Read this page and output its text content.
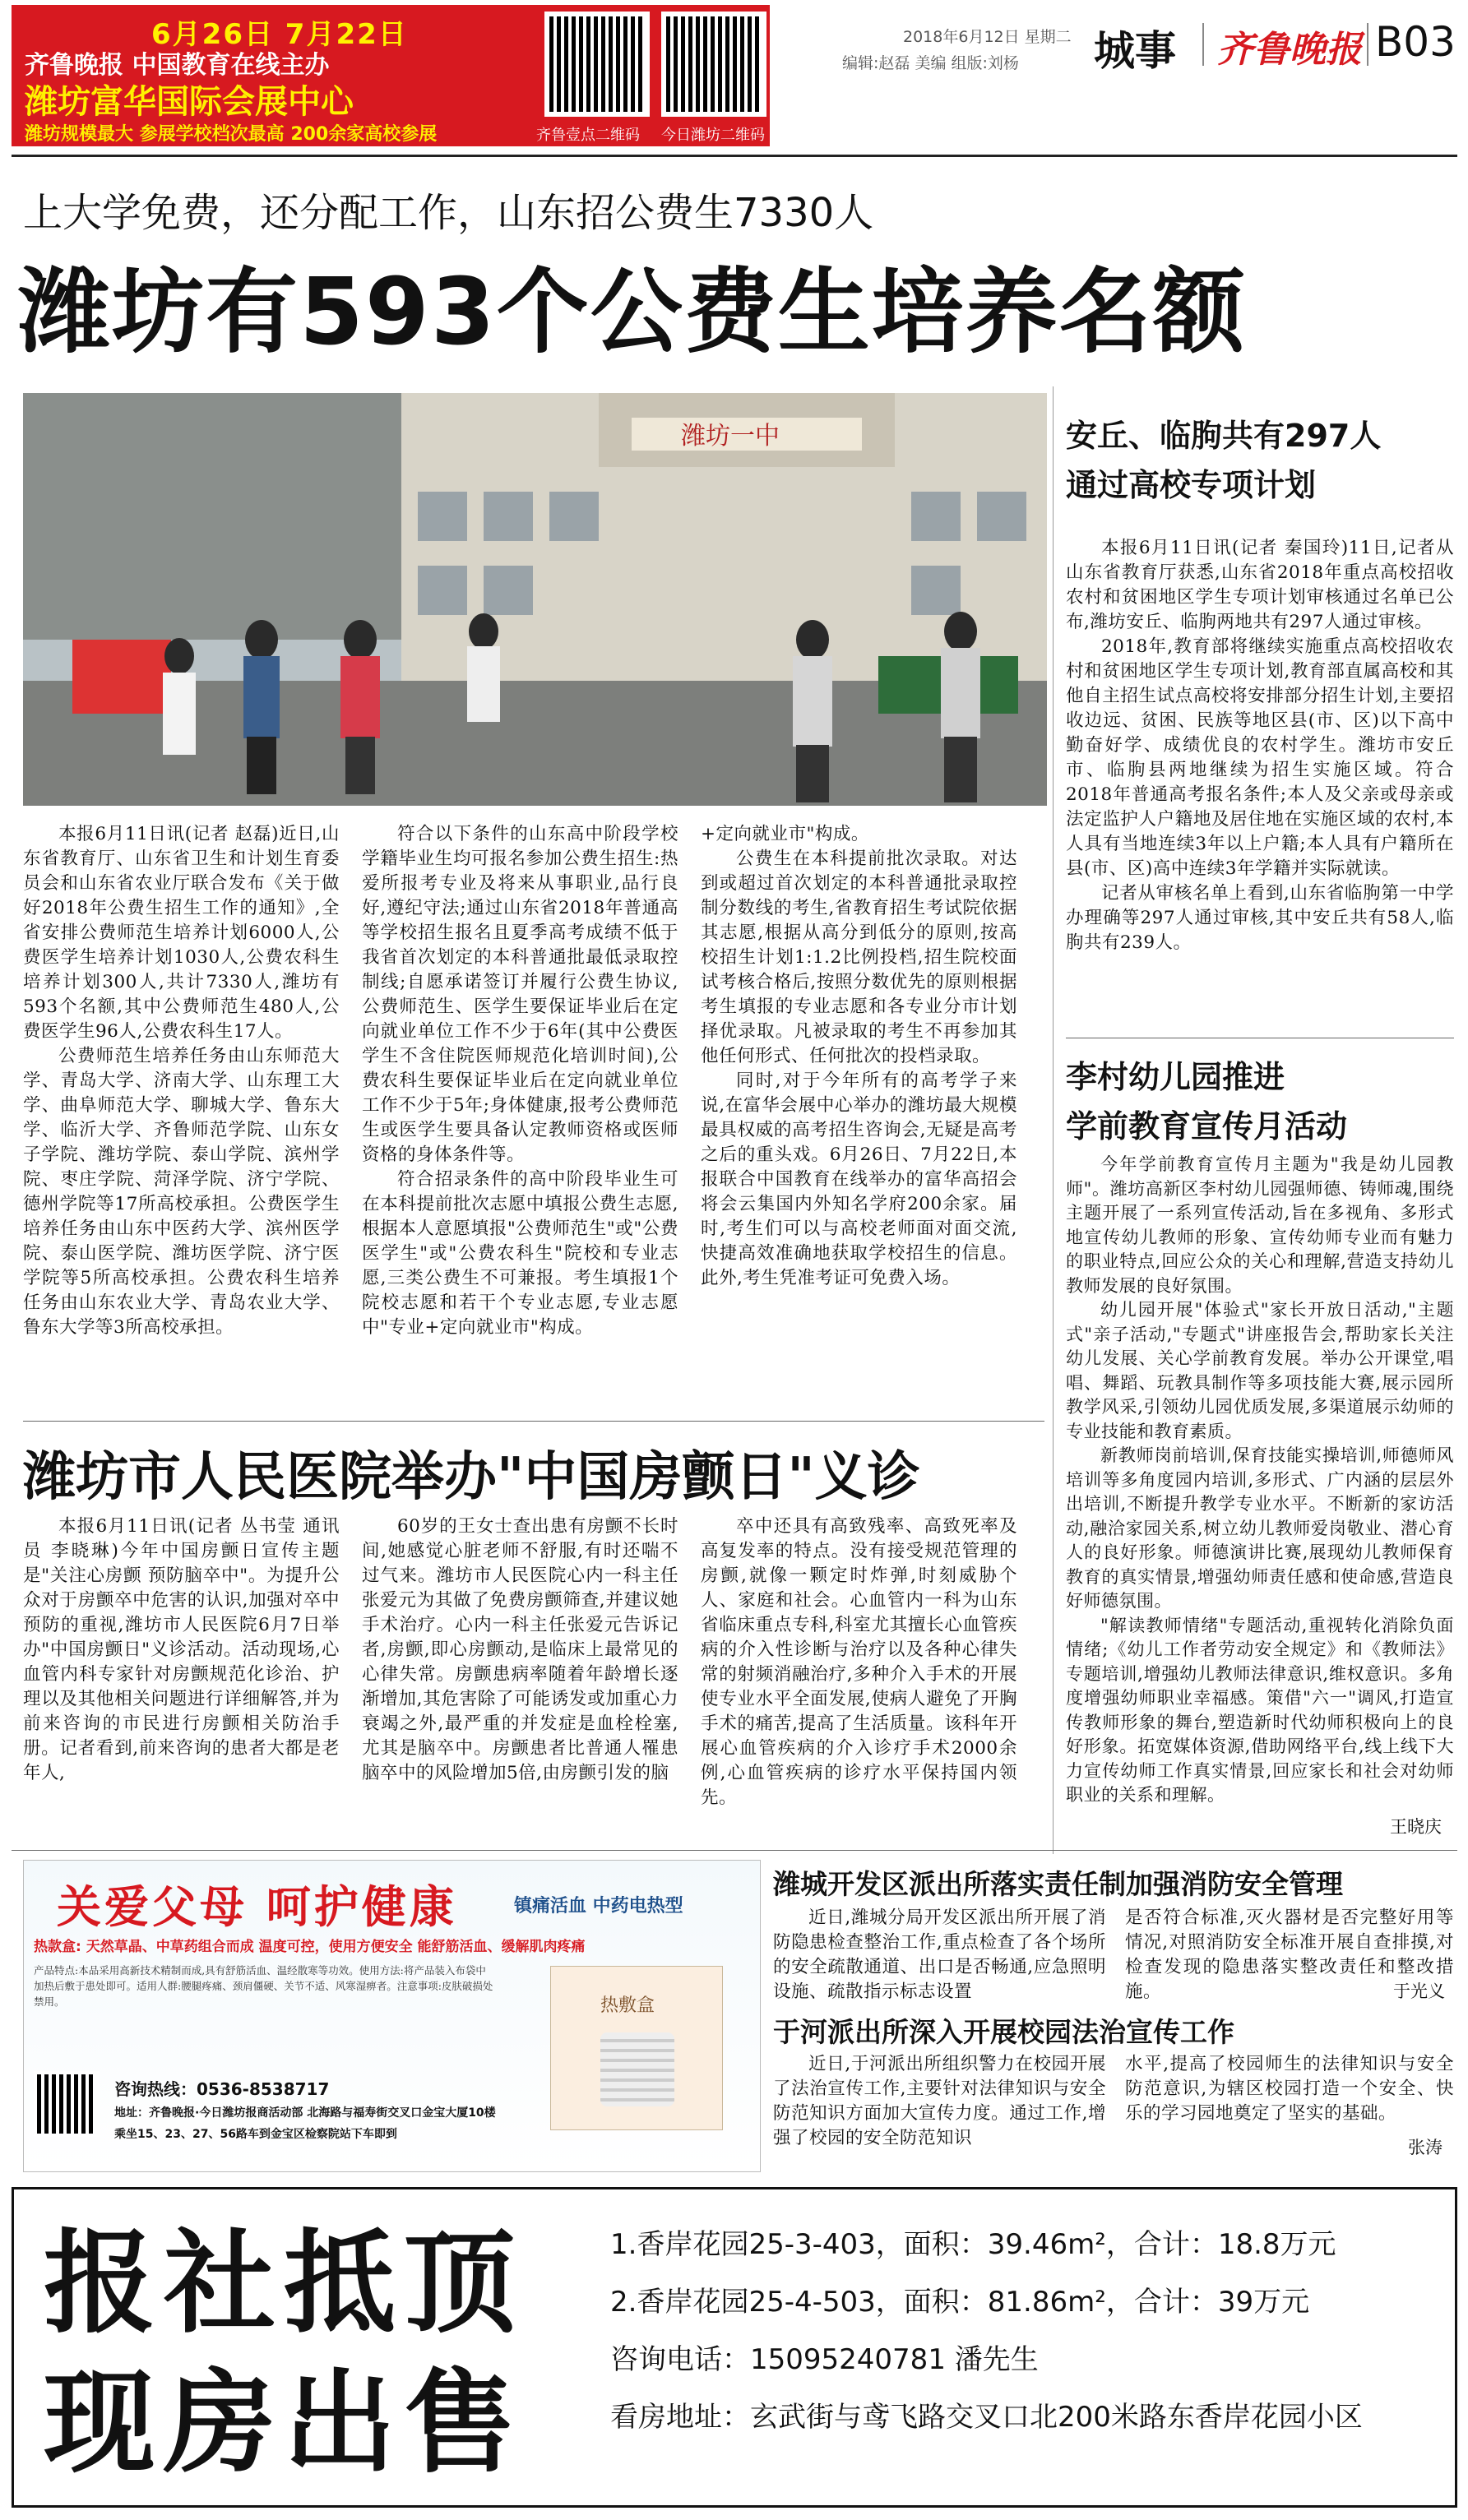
6月26日 7月22日
齐鲁晚报 中国教育在线主办
潍坊富华国际会展中心
潍坊规模最大 参展学校档次最高 200余家高校参展	齐鲁壹点二维码 今日潍坊二维码
2018年6月12日 星期二
编辑:赵磊 美编 组版:刘杨 城事 齐鲁晚报 B03
上大学免费，还分配工作，山东招公费生7330人
潍坊有593个公费生培养名额
潍坊一中

本报6月11日讯(记者 赵磊)近日,山东省教育厅、山东省卫生和计划生育委员会和山东省农业厅联合发布《关于做好2018年公费生招生工作的通知》,全省安排公费师范生培养计划6000人,公费医学生培养计划1030人,公费农科生培养计划300人,共计7330人,潍坊有593个名额,其中公费师范生480人,公费医学生96人,公费农科生17人。

公费师范生培养任务由山东师范大学、青岛大学、济南大学、山东理工大学、曲阜师范大学、聊城大学、鲁东大学、临沂大学、齐鲁师范学院、山东女子学院、潍坊学院、泰山学院、滨州学院、枣庄学院、菏泽学院、济宁学院、德州学院等17所高校承担。公费医学生培养任务由山东中医药大学、滨州医学院、泰山医学院、潍坊医学院、济宁医学院等5所高校承担。公费农科生培养任务由山东农业大学、青岛农业大学、鲁东大学等3所高校承担。

符合以下条件的山东高中阶段学校学籍毕业生均可报名参加公费生招生:热爱所报考专业及将来从事职业,品行良好,遵纪守法;通过山东省2018年普通高等学校招生报名且夏季高考成绩不低于我省首次划定的本科普通批最低录取控制线;自愿承诺签订并履行公费生协议,公费师范生、医学生要保证毕业后在定向就业单位工作不少于6年(其中公费医学生不含住院医师规范化培训时间),公费农科生要保证毕业后在定向就业单位工作不少于5年;身体健康,报考公费师范生或医学生要具备认定教师资格或医师资格的身体条件等。

符合招录条件的高中阶段毕业生可在本科提前批次志愿中填报公费生志愿,根据本人意愿填报"公费师范生"或"公费医学生"或"公费农科生"院校和专业志愿,三类公费生不可兼报。考生填报1个院校志愿和若干个专业志愿,专业志愿中"专业+定向就业市"构成。

+定向就业市"构成。

公费生在本科提前批次录取。对达到或超过首次划定的本科普通批录取控制分数线的考生,省教育招生考试院依据其志愿,根据从高分到低分的原则,按高校招生计划1:1.2比例投档,招生院校面试考核合格后,按照分数优先的原则根据考生填报的专业志愿和各专业分市计划择优录取。凡被录取的考生不再参加其他任何形式、任何批次的投档录取。

同时,对于今年所有的高考学子来说,在富华会展中心举办的潍坊最大规模最具权威的高考招生咨询会,无疑是高考之后的重头戏。6月26日、7月22日,本报联合中国教育在线举办的富华高招会将会云集国内外知名学府200余家。届时,考生们可以与高校老师面对面交流,快捷高效准确地获取学校招生的信息。此外,考生凭准考证可免费入场。

潍坊市人民医院举办"中国房颤日"义诊

本报6月11日讯(记者 丛书莹 通讯员 李晓琳)今年中国房颤日宣传主题是"关注心房颤 预防脑卒中"。为提升公众对于房颤卒中危害的认识,加强对卒中预防的重视,潍坊市人民医院6月7日举办"中国房颤日"义诊活动。活动现场,心血管内科专家针对房颤规范化诊治、护理以及其他相关问题进行详细解答,并为前来咨询的市民进行房颤相关防治手册。记者看到,前来咨询的患者大都是老年人,

60岁的王女士查出患有房颤不长时间,她感觉心脏老师不舒服,有时还喘不过气来。潍坊市人民医院心内一科主任张爱元为其做了免费房颤筛查,并建议她手术治疗。心内一科主任张爱元告诉记者,房颤,即心房颤动,是临床上最常见的心律失常。房颤患病率随着年龄增长逐渐增加,其危害除了可能诱发或加重心力衰竭之外,最严重的并发症是血栓栓塞,尤其是脑卒中。房颤患者比普通人罹患脑卒中的风险增加5倍,由房颤引发的脑

卒中还具有高致残率、高致死率及高复发率的特点。没有接受规范管理的房颤,就像一颗定时炸弹,时刻威胁个人、家庭和社会。心血管内一科为山东省临床重点专科,科室尤其擅长心血管疾病的介入性诊断与治疗以及各种心律失常的射频消融治疗,多种介入手术的开展使专业水平全面发展,使病人避免了开胸手术的痛苦,提高了生活质量。该科年开展心血管疾病的介入诊疗手术2000余例,心血管疾病的诊疗水平保持国内领先。

安丘、临朐共有297人
通过高校专项计划

本报6月11日讯(记者 秦国玲)11日,记者从山东省教育厅获悉,山东省2018年重点高校招收农村和贫困地区学生专项计划审核通过名单已公布,潍坊安丘、临朐两地共有297人通过审核。

2018年,教育部将继续实施重点高校招收农村和贫困地区学生专项计划,教育部直属高校和其他自主招生试点高校将安排部分招生计划,主要招收边远、贫困、民族等地区县(市、区)以下高中勤奋好学、成绩优良的农村学生。潍坊市安丘市、临朐县两地继续为招生实施区域。符合2018年普通高考报名条件;本人及父亲或母亲或法定监护人户籍地及居住地在实施区域的农村,本人具有当地连续3年以上户籍;本人具有户籍所在县(市、区)高中连续3年学籍并实际就读。

记者从审核名单上看到,山东省临朐第一中学办理确等297人通过审核,其中安丘共有58人,临朐共有239人。

李村幼儿园推进
学前教育宣传月活动

今年学前教育宣传月主题为"我是幼儿园教师"。潍坊高新区李村幼儿园强师德、铸师魂,围绕主题开展了一系列宣传活动,旨在多视角、多形式地宣传幼儿教师的形象、宣传幼师专业而有魅力的职业特点,回应公众的关心和理解,营造支持幼儿教师发展的良好氛围。

幼儿园开展"体验式"家长开放日活动,"主题式"亲子活动,"专题式"讲座报告会,帮助家长关注幼儿发展、关心学前教育发展。举办公开课堂,唱唱、舞蹈、玩教具制作等多项技能大赛,展示园所教学风采,引领幼儿园优质发展,多渠道展示幼师的专业技能和教育素质。

新教师岗前培训,保育技能实操培训,师德师风培训等多角度园内培训,多形式、广内涵的层层外出培训,不断提升教学专业水平。不断新的家访活动,融洽家园关系,树立幼儿教师爱岗敬业、潜心育人的良好形象。师德演讲比赛,展现幼儿教师保育教育的真实情景,增强幼师责任感和使命感,营造良好师德氛围。

"解读教师情绪"专题活动,重视转化消除负面情绪;《幼儿工作者劳动安全规定》和《教师法》专题培训,增强幼儿教师法律意识,维权意识。多角度增强幼师职业幸福感。策借"六一"调风,打造宣传教师形象的舞台,塑造新时代幼师积极向上的良好形象。拓宽媒体资源,借助网络平台,线上线下大力宣传幼师工作真实情景,回应家长和社会对幼师职业的关系和理解。

王晓庆
关爱父母 呵护健康	镇痛活血 中药电热型
热款盒: 天然草晶、中草药组合而成 温度可控，使用方便安全 能舒筋活血、缓解肌肉疼痛
产品特点:本品采用高新技术精制而成,具有舒筋活血、温经散寒等功效。使用方法:将产品装入布袋中加热后敷于患处即可。适用人群:腰腿疼痛、颈肩僵硬、关节不适、风寒湿痹者。注意事项:皮肤破损处禁用。	热敷盒
咨询热线：0536-8538717
地址：齐鲁晚报·今日潍坊报商活动部 北海路与福寿街交叉口金宝大厦10楼
乘坐15、23、27、56路车到金宝区检察院站下车即到
潍城开发区派出所落实责任制加强消防安全管理

近日,潍城分局开发区派出所开展了消防隐患检查整治工作,重点检查了各个场所的安全疏散通道、出口是否畅通,应急照明设施、疏散指示标志设置

是否符合标准,灭火器材是否完整好用等情况,对照消防安全标准开展自查排摸,对检查发现的隐患落实整改责任和整改措施。	于光义
于河派出所深入开展校园法治宣传工作

近日,于河派出所组织警力在校园开展了法治宣传工作,主要针对法律知识与安全防范知识方面加大宣传力度。通过工作,增强了校园的安全防范知识

水平,提高了校园师生的法律知识与安全防范意识,为辖区校园打造一个安全、快乐的学习园地奠定了坚实的基础。

张涛
报社抵顶
现房出售
1.香岸花园25-3-403，面积：39.46m²，合计：18.8万元
2.香岸花园25-4-503，面积：81.86m²，合计：39万元
咨询电话：15095240781 潘先生
看房地址：玄武街与鸢飞路交叉口北200米路东香岸花园小区
